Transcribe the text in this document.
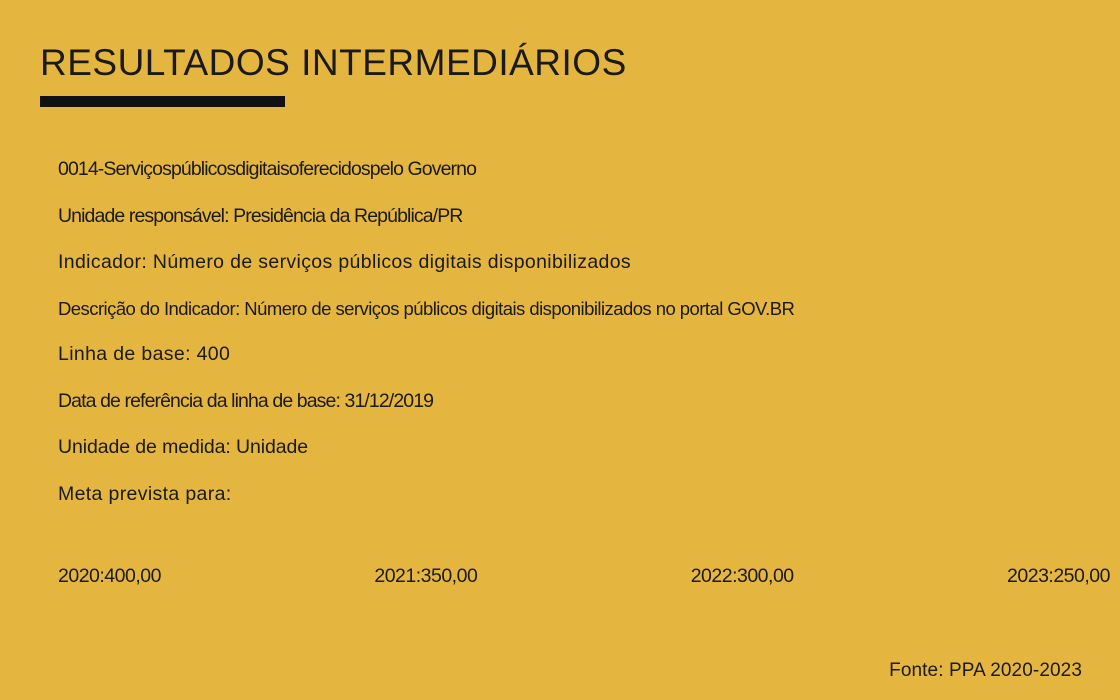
RESULTADOS INTERMEDIÁRIOS
0014-Serviçospúblicosdigitaisoferecidospelo Governo
Unidade responsável: Presidência da República/PR
Indicador: Número de serviços públicos digitais disponibilizados
Descrição do Indicador: Número de serviços públicos digitais disponibilizados no portal GOV.BR
Linha de base: 400
Data de referência da linha de base: 31/12/2019
Unidade de medida: Unidade
Meta prevista para:
2020:400,00	2021:350,00	2022:300,00	2023:250,00
Fonte: PPA 2020-2023
